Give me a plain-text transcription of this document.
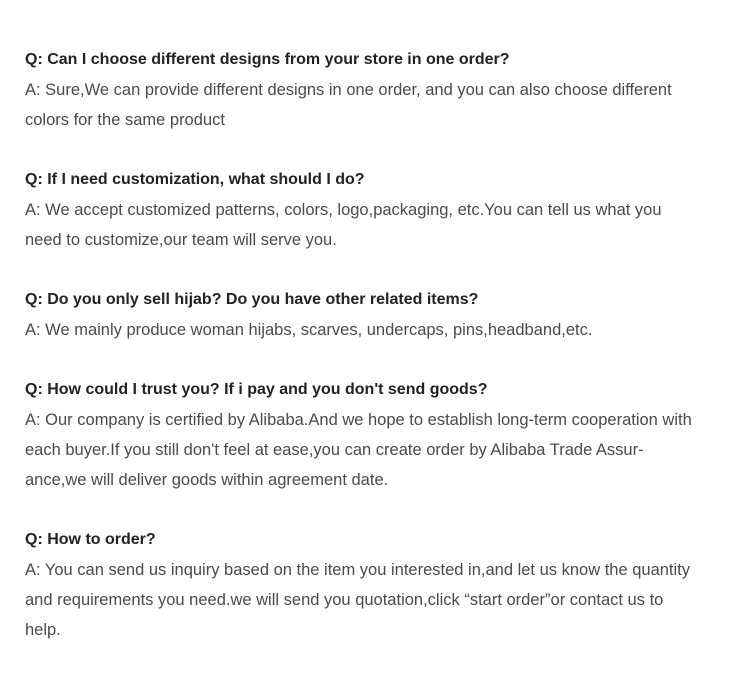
Q: Can I choose different designs from your store in one order?
A: Sure,We can provide different designs in one order, and you can also choose different
colors for the same product
Q: If I need customization, what should I do?
A: We accept customized patterns, colors, logo,packaging, etc.You can tell us what you
need to customize,our team will serve you.
Q: Do you only sell hijab? Do you have other related items?
A: We mainly produce woman hijabs, scarves, undercaps, pins,headband,etc.
Q: How could I trust you? If i pay and you don't send goods?
A: Our company is certified by Alibaba.And we hope to establish long-term cooperation with
each buyer.If you still don't feel at ease,you can create order by Alibaba Trade Assur-
ance,we will deliver goods within agreement date.
Q: How to order?
A: You can send us inquiry based on the item you interested in,and let us know the quantity
and requirements you need.we will send you quotation,click “start order”or contact us to
help.
